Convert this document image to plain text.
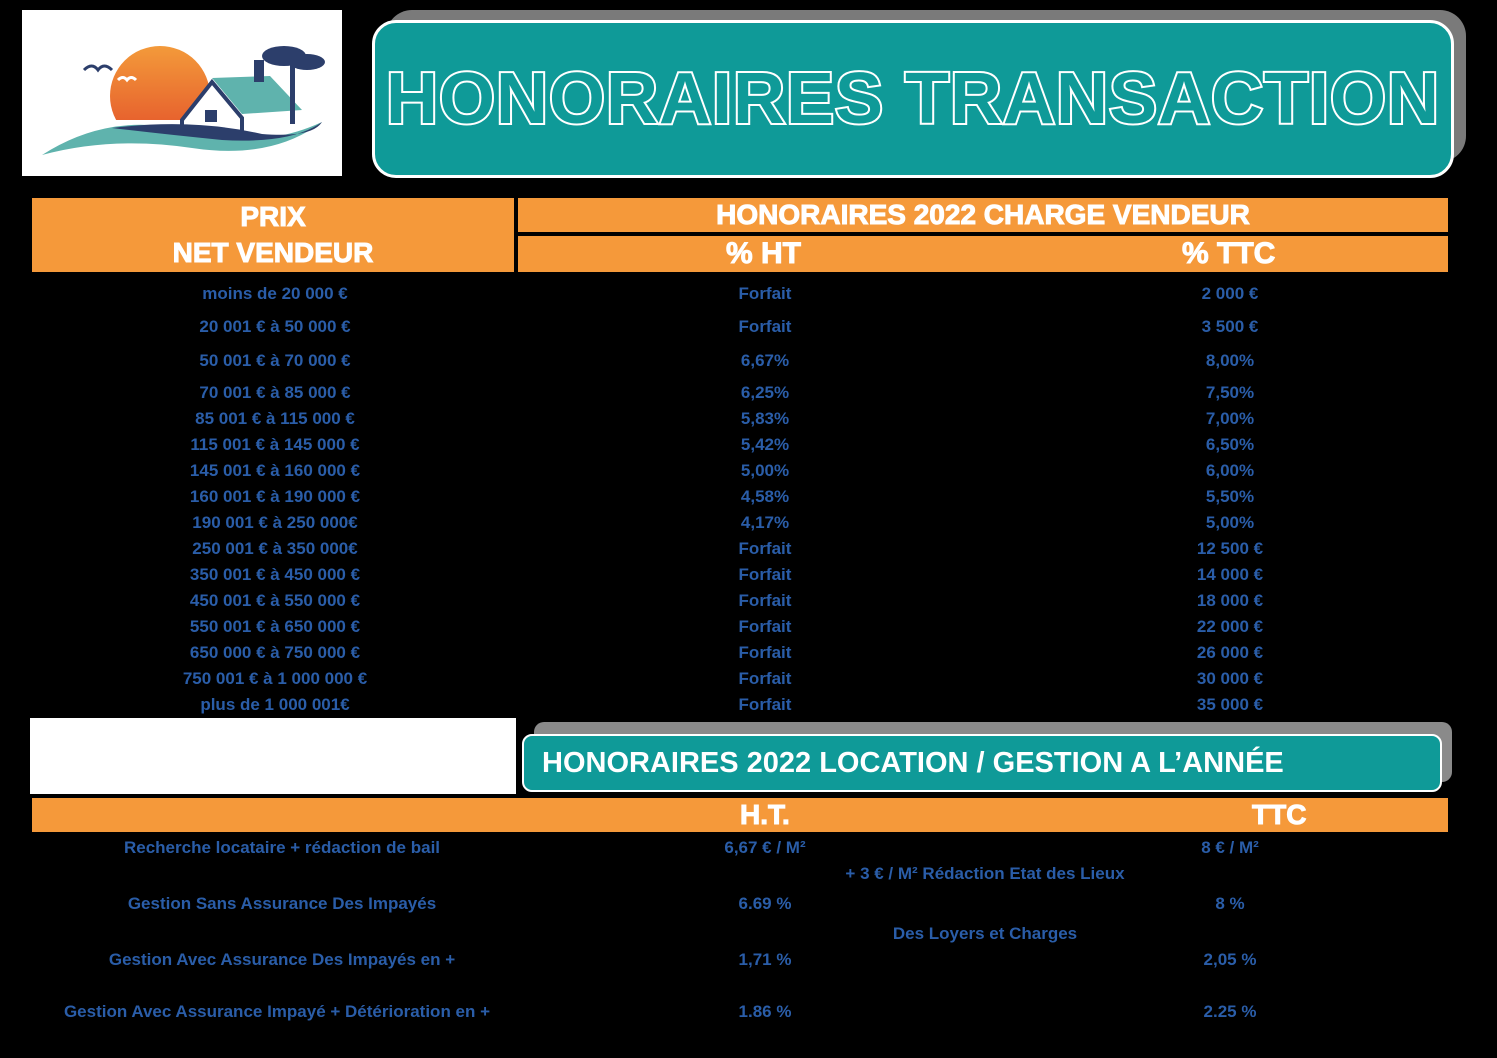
HONORAIRES TRANSACTION
PRIX
NET VENDEUR
HONORAIRES 2022 CHARGE VENDEUR
% HT	% TTC
moins de 20 000 €	Forfait	2 000 €
20 001 € à 50 000 €	Forfait	3 500 €
50 001 € à 70 000 €	6,67%	8,00%
70 001 € à 85 000 €	6,25%	7,50%
85 001 € à 115 000 €	5,83%	7,00%
115 001 € à 145 000 €	5,42%	6,50%
145 001 € à 160 000 €	5,00%	6,00%
160 001 € à 190 000 €	4,58%	5,50%
190 001 € à 250 000€	4,17%	5,00%
250 001 € à 350 000€	Forfait	12 500 €
350 001 € à 450 000 €	Forfait	14 000 €
450 001 € à 550 000 €	Forfait	18 000 €
550 001 € à 650 000 €	Forfait	22 000 €
650 000 € à 750 000 €	Forfait	26 000 €
750 001 € à 1 000 000 €	Forfait	30 000 €
plus de 1 000 001€	Forfait	35 000 €
HONORAIRES 2022 LOCATION / GESTION A L’ANNÉE
H.T.	TTC
Recherche locataire + rédaction de bail	6,67 € / M²	8 € / M²
+ 3 € / M² Rédaction Etat des Lieux
Gestion Sans Assurance Des Impayés	6.69 %	8 %
Des Loyers et Charges
Gestion Avec Assurance Des Impayés en +	1,71 %	2,05 %
Gestion Avec Assurance Impayé + Détérioration en +	1.86 %	2.25 %
